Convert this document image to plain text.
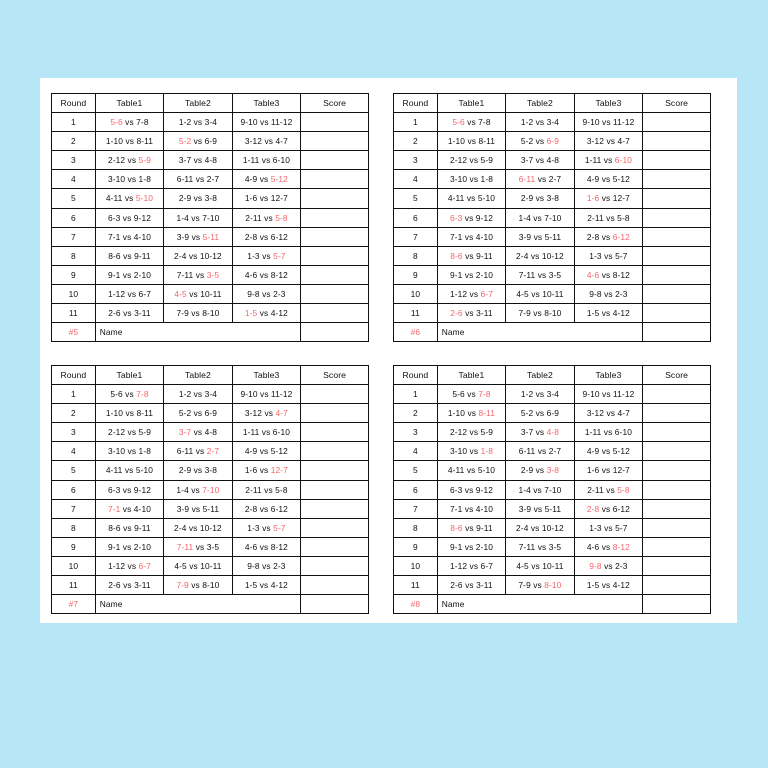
Round	Table1	Table2	Table3	Score
1	5-6 vs 7-8	1-2 vs 3-4	9-10 vs 11-12	
2	1-10 vs 8-11	5-2 vs 6-9	3-12 vs 4-7	
3	2-12 vs 5-9	3-7 vs 4-8	1-11 vs 6-10	
4	3-10 vs 1-8	6-11 vs 2-7	4-9 vs 5-12	
5	4-11 vs 5-10	2-9 vs 3-8	1-6 vs 12-7	
6	6-3 vs 9-12	1-4 vs 7-10	2-11 vs 5-8	
7	7-1 vs 4-10	3-9 vs 5-11	2-8 vs 6-12	
8	8-6 vs 9-11	2-4 vs 10-12	1-3 vs 5-7	
9	9-1 vs 2-10	7-11 vs 3-5	4-6 vs 8-12	
10	1-12 vs 6-7	4-5 vs 10-11	9-8 vs 2-3	
11	2-6 vs 3-11	7-9 vs 8-10	1-5 vs 4-12	
#5	Name			
Round	Table1	Table2	Table3	Score
1	5-6 vs 7-8	1-2 vs 3-4	9-10 vs 11-12	
2	1-10 vs 8-11	5-2 vs 6-9	3-12 vs 4-7	
3	2-12 vs 5-9	3-7 vs 4-8	1-11 vs 6-10	
4	3-10 vs 1-8	6-11 vs 2-7	4-9 vs 5-12	
5	4-11 vs 5-10	2-9 vs 3-8	1-6 vs 12-7	
6	6-3 vs 9-12	1-4 vs 7-10	2-11 vs 5-8	
7	7-1 vs 4-10	3-9 vs 5-11	2-8 vs 6-12	
8	8-6 vs 9-11	2-4 vs 10-12	1-3 vs 5-7	
9	9-1 vs 2-10	7-11 vs 3-5	4-6 vs 8-12	
10	1-12 vs 6-7	4-5 vs 10-11	9-8 vs 2-3	
11	2-6 vs 3-11	7-9 vs 8-10	1-5 vs 4-12	
#6	Name			
Round	Table1	Table2	Table3	Score
1	5-6 vs 7-8	1-2 vs 3-4	9-10 vs 11-12	
2	1-10 vs 8-11	5-2 vs 6-9	3-12 vs 4-7	
3	2-12 vs 5-9	3-7 vs 4-8	1-11 vs 6-10	
4	3-10 vs 1-8	6-11 vs 2-7	4-9 vs 5-12	
5	4-11 vs 5-10	2-9 vs 3-8	1-6 vs 12-7	
6	6-3 vs 9-12	1-4 vs 7-10	2-11 vs 5-8	
7	7-1 vs 4-10	3-9 vs 5-11	2-8 vs 6-12	
8	8-6 vs 9-11	2-4 vs 10-12	1-3 vs 5-7	
9	9-1 vs 2-10	7-11 vs 3-5	4-6 vs 8-12	
10	1-12 vs 6-7	4-5 vs 10-11	9-8 vs 2-3	
11	2-6 vs 3-11	7-9 vs 8-10	1-5 vs 4-12	
#7	Name			
Round	Table1	Table2	Table3	Score
1	5-6 vs 7-8	1-2 vs 3-4	9-10 vs 11-12	
2	1-10 vs 8-11	5-2 vs 6-9	3-12 vs 4-7	
3	2-12 vs 5-9	3-7 vs 4-8	1-11 vs 6-10	
4	3-10 vs 1-8	6-11 vs 2-7	4-9 vs 5-12	
5	4-11 vs 5-10	2-9 vs 3-8	1-6 vs 12-7	
6	6-3 vs 9-12	1-4 vs 7-10	2-11 vs 5-8	
7	7-1 vs 4-10	3-9 vs 5-11	2-8 vs 6-12	
8	8-6 vs 9-11	2-4 vs 10-12	1-3 vs 5-7	
9	9-1 vs 2-10	7-11 vs 3-5	4-6 vs 8-12	
10	1-12 vs 6-7	4-5 vs 10-11	9-8 vs 2-3	
11	2-6 vs 3-11	7-9 vs 8-10	1-5 vs 4-12	
#8	Name			
